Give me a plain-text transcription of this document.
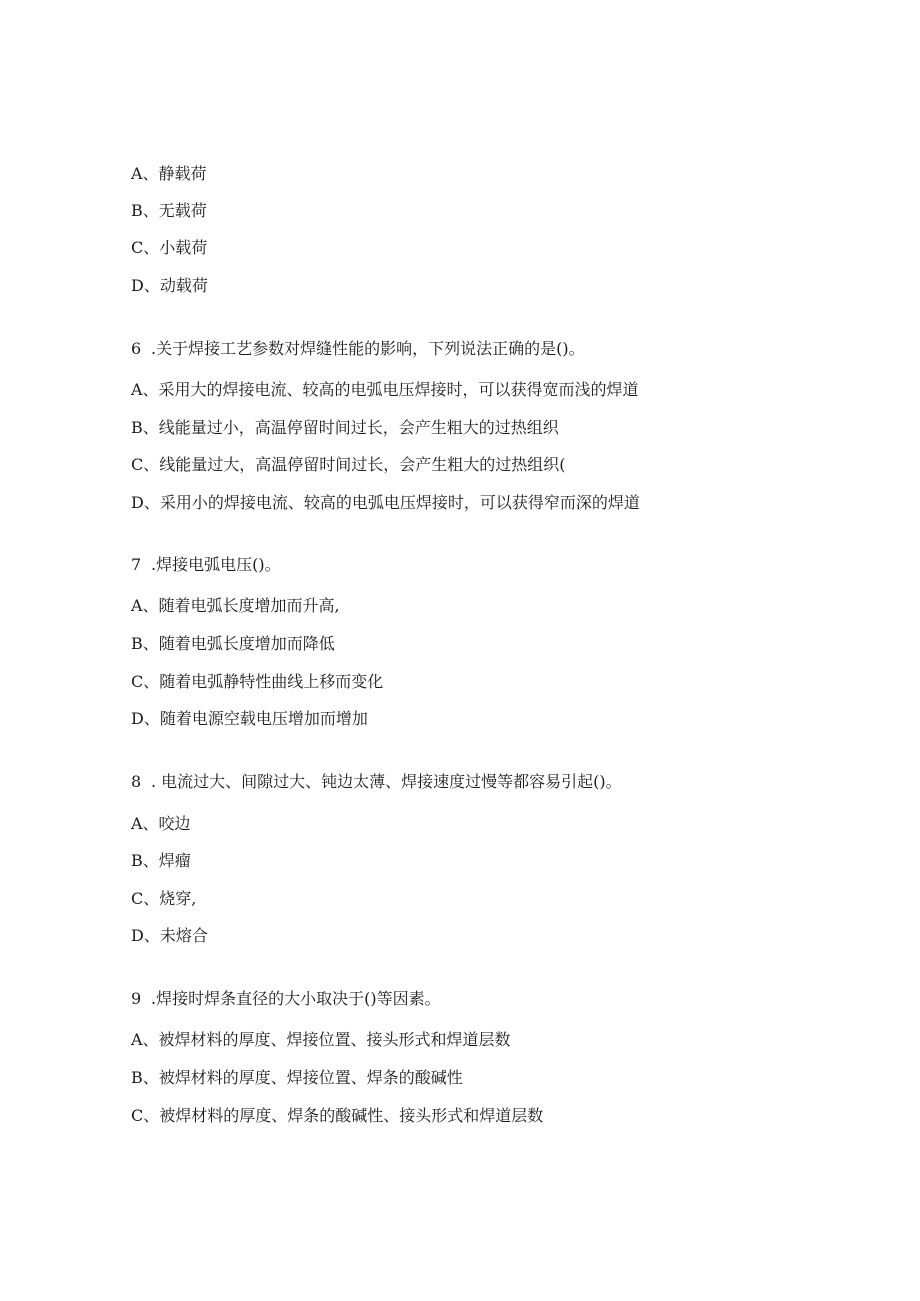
A、静载荷
B、无载荷
C、小载荷
D、动载荷
6 .关于焊接工艺参数对焊缝性能的影响，下列说法正确的是()。
A、采用大的焊接电流、较高的电弧电压焊接时，可以获得宽而浅的焊道
B、线能量过小，高温停留时间过长，会产生粗大的过热组织
C、线能量过大，高温停留时间过长，会产生粗大的过热组织(
D、采用小的焊接电流、较高的电弧电压焊接时，可以获得窄而深的焊道
7 .焊接电弧电压()。
A、随着电弧长度增加而升高,
B、随着电弧长度增加而降低
C、随着电弧静特性曲线上移而变化
D、随着电源空载电压增加而增加
8 . 电流过大、间隙过大、钝边太薄、焊接速度过慢等都容易引起()。
A、咬边
B、焊瘤
C、烧穿,
D、未熔合
9 .焊接时焊条直径的大小取决于()等因素。
A、被焊材料的厚度、焊接位置、接头形式和焊道层数
B、被焊材料的厚度、焊接位置、焊条的酸碱性
C、被焊材料的厚度、焊条的酸碱性、接头形式和焊道层数
